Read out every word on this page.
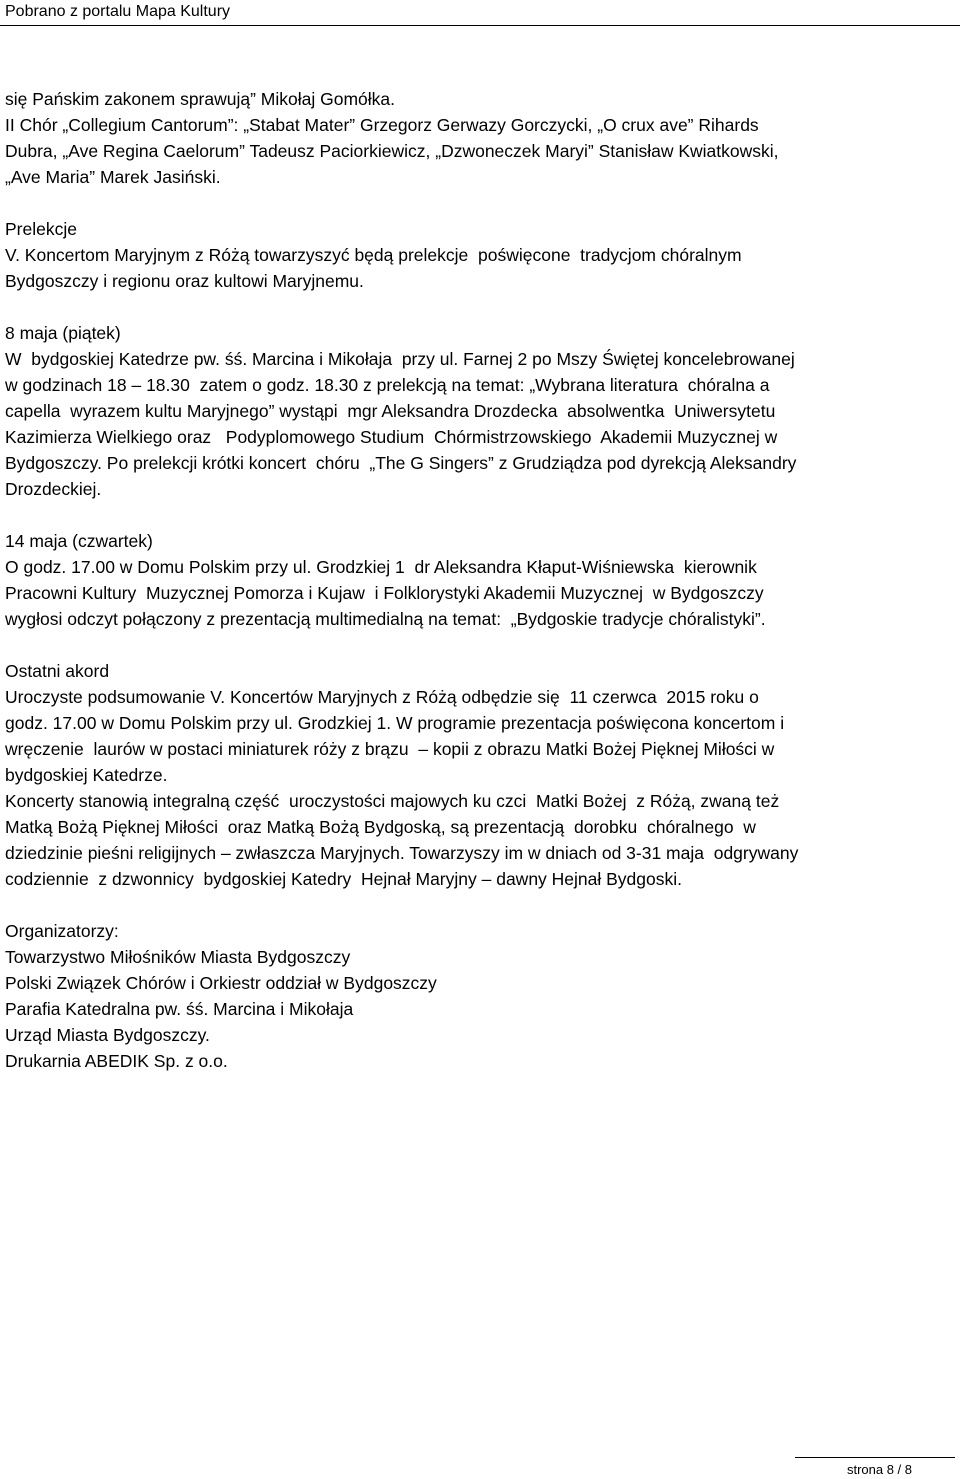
Pobrano z portalu Mapa Kultury
się Pańskim zakonem sprawują” Mikołaj Gomółka.
II Chór „Collegium Cantorum”: „Stabat Mater” Grzegorz Gerwazy Gorczycki, „O crux ave” Rihards
Dubra, „Ave Regina Caelorum” Tadeusz Paciorkiewicz, „Dzwoneczek Maryi” Stanisław Kwiatkowski,
„Ave Maria” Marek Jasiński.
Prelekcje
V. Koncertom Maryjnym z Różą towarzyszyć będą prelekcje  poświęcone  tradycjom chóralnym
Bydgoszczy i regionu oraz kultowi Maryjnemu.
8 maja (piątek)
W  bydgoskiej Katedrze pw. śś. Marcina i Mikołaja  przy ul. Farnej 2 po Mszy Świętej koncelebrowanej
w godzinach 18 – 18.30  zatem o godz. 18.30 z prelekcją na temat: „Wybrana literatura  chóralna a
capella  wyrazem kultu Maryjnego” wystąpi  mgr Aleksandra Drozdecka  absolwentka  Uniwersytetu
Kazimierza Wielkiego oraz   Podyplomowego Studium  Chórmistrzowskiego  Akademii Muzycznej w
Bydgoszczy. Po prelekcji krótki koncert  chóru  „The G Singers” z Grudziądza pod dyrekcją Aleksandry
Drozdeckiej.
14 maja (czwartek)
O godz. 17.00 w Domu Polskim przy ul. Grodzkiej 1  dr Aleksandra Kłaput-Wiśniewska  kierownik
Pracowni Kultury  Muzycznej Pomorza i Kujaw  i Folklorystyki Akademii Muzycznej  w Bydgoszczy
wygłosi odczyt połączony z prezentacją multimedialną na temat:  „Bydgoskie tradycje chóralistyki”.
Ostatni akord
Uroczyste podsumowanie V. Koncertów Maryjnych z Różą odbędzie się  11 czerwca  2015 roku o
godz. 17.00 w Domu Polskim przy ul. Grodzkiej 1. W programie prezentacja poświęcona koncertom i
wręczenie  laurów w postaci miniaturek róży z brązu  – kopii z obrazu Matki Bożej Pięknej Miłości w
bydgoskiej Katedrze.
Koncerty stanowią integralną część  uroczystości majowych ku czci  Matki Bożej  z Różą, zwaną też
Matką Bożą Pięknej Miłości  oraz Matką Bożą Bydgoską, są prezentacją  dorobku  chóralnego  w
dziedzinie pieśni religijnych – zwłaszcza Maryjnych. Towarzyszy im w dniach od 3-31 maja  odgrywany
codziennie  z dzwonnicy  bydgoskiej Katedry  Hejnał Maryjny – dawny Hejnał Bydgoski.
Organizatorzy:
Towarzystwo Miłośników Miasta Bydgoszczy
Polski Związek Chórów i Orkiestr oddział w Bydgoszczy
Parafia Katedralna pw. śś. Marcina i Mikołaja
Urząd Miasta Bydgoszczy.
Drukarnia ABEDIK Sp. z o.o.
strona 8 / 8
